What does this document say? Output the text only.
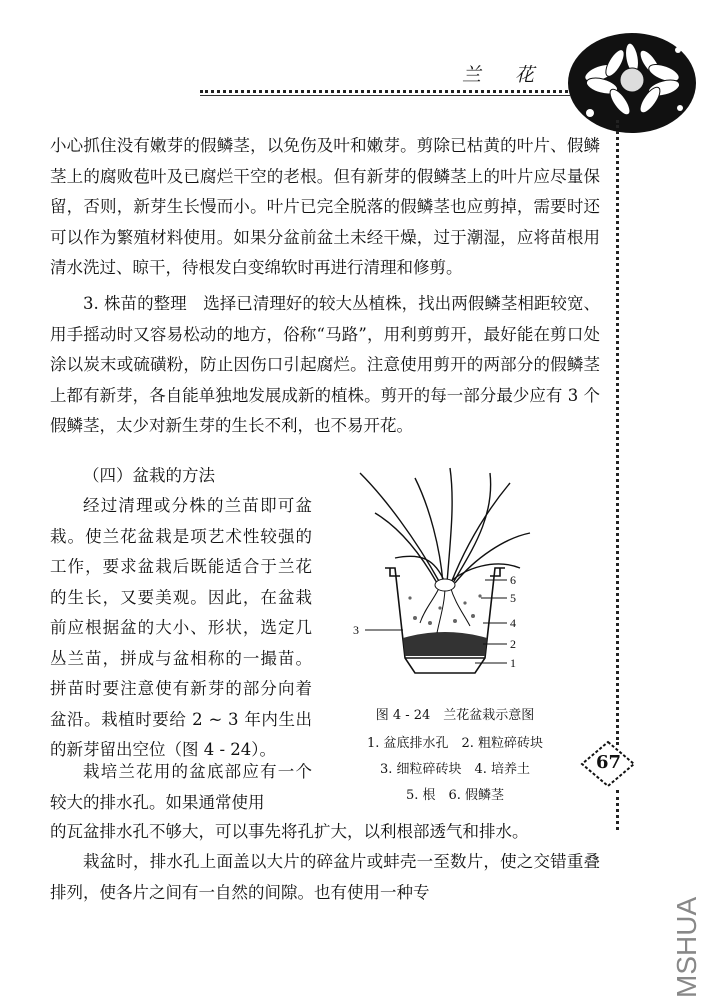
兰 花

小心抓住没有嫩芽的假鳞茎，以免伤及叶和嫩芽。剪除已枯黄的叶片、假鳞茎上的腐败苞叶及已腐烂干空的老根。但有新芽的假鳞茎上的叶片应尽量保留，否则，新芽生长慢而小。叶片已完全脱落的假鳞茎也应剪掉，需要时还可以作为繁殖材料使用。如果分盆前盆土未经干燥，过于潮湿，应将苗根用清水洗过、晾干，待根发白变绵软时再进行清理和修剪。

3. 株苗的整理　选择已清理好的较大丛植株，找出两假鳞茎相距较宽、用手摇动时又容易松动的地方，俗称“马路”，用利剪剪开，最好能在剪口处涂以炭末或硫磺粉，防止因伤口引起腐烂。注意使用剪开的两部分的假鳞茎上都有新芽，各自能单独地发展成新的植株。剪开的每一部分最少应有 3 个假鳞茎，太少对新生芽的生长不利，也不易开花。

（四）盆栽的方法

经过清理或分株的兰苗即可盆栽。使兰花盆栽是项艺术性较强的工作，要求盆栽后既能适合于兰花的生长，又要美观。因此，在盆栽前应根据盆的大小、形状，选定几丛兰苗，拼成与盆相称的一撮苗。拼苗时要注意使有新芽的部分向着盆沿。栽植时要给 2 ~ 3 年内生出的新芽留出空位（图 4 - 24）。

栽培兰花用的盆底部应有一个较大的排水孔。如果通常使用

的瓦盆排水孔不够大，可以事先将孔扩大，以利根部透气和排水。

栽盆时，排水孔上面盖以大片的碎盆片或蚌壳一至数片，使之交错重叠排列，使各片之间有一自然的间隙。也有使用一种专

6
5
4
3
2
1

图 4 - 24　兰花盆栽示意图

1. 盆底排水孔　2. 粗粒碎砖块

3. 细粒碎砖块　4. 培养土

5. 根　6. 假鳞茎

67
MSHUA
